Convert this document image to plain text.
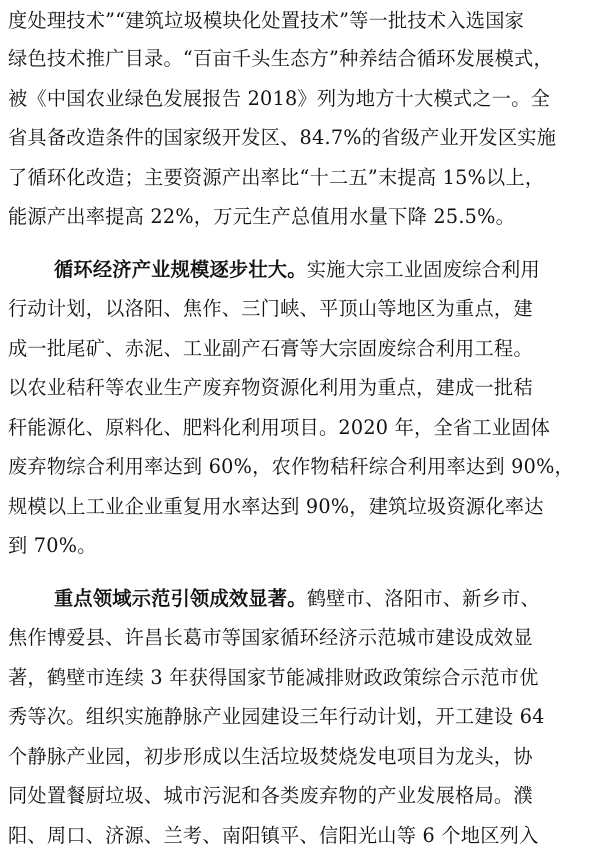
度处理技术”“建筑垃圾模块化处置技术”等一批技术入选国家
绿色技术推广目录。“百亩千头生态方”种养结合循环发展模式，
被《中国农业绿色发展报告 2018》列为地方十大模式之一。全
省具备改造条件的国家级开发区、84.7%的省级产业开发区实施
了循环化改造；主要资源产出率比“十二五”末提高 15%以上，
能源产出率提高 22%，万元生产总值用水量下降 25.5%。
循环经济产业规模逐步壮大。实施大宗工业固废综合利用
行动计划，以洛阳、焦作、三门峡、平顶山等地区为重点，建
成一批尾矿、赤泥、工业副产石膏等大宗固废综合利用工程。
以农业秸秆等农业生产废弃物资源化利用为重点，建成一批秸
秆能源化、原料化、肥料化利用项目。2020 年，全省工业固体
废弃物综合利用率达到 60%，农作物秸秆综合利用率达到 90%，
规模以上工业企业重复用水率达到 90%，建筑垃圾资源化率达
到 70%。
重点领域示范引领成效显著。鹤壁市、洛阳市、新乡市、
焦作博爱县、许昌长葛市等国家循环经济示范城市建设成效显
著，鹤壁市连续 3 年获得国家节能减排财政政策综合示范市优
秀等次。组织实施静脉产业园建设三年行动计划，开工建设 64
个静脉产业园，初步形成以生活垃圾焚烧发电项目为龙头，协
同处置餐厨垃圾、城市污泥和各类废弃物的产业发展格局。濮
阳、周口、济源、兰考、南阳镇平、信阳光山等 6 个地区列入
